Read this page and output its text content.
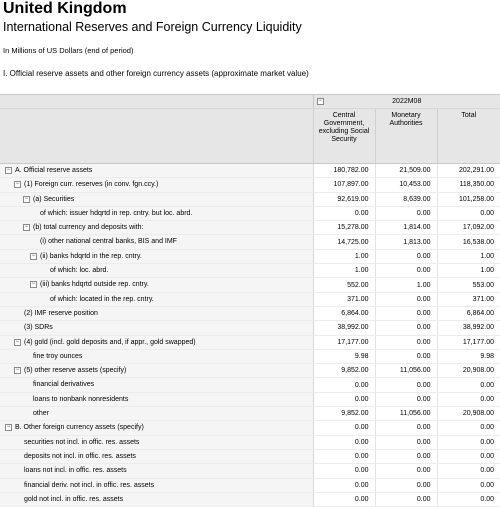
United Kingdom
International Reserves and Foreign Currency Liquidity
In Millions of US Dollars (end of period)
I. Official reserve assets and other foreign currency assets (approximate market value)

	− 2022M08		

	Central Government, excluding Social Security	Monetary Authorities	Total
− A. Official reserve assets	180,782.00	21,509.00	202,291.00
− (1) Foreign curr. reserves (in conv. fgn.ccy.)	107,897.00	10,453.00	118,350.00
− (a) Securities	92,619.00	8,639.00	101,258.00
of which: issuer hdqrtd in rep. cntry. but loc. abrd.	0.00	0.00	0.00
− (b) total currency and deposits with:	15,278.00	1,814.00	17,092.00
(i) other national central banks, BIS and IMF	14,725.00	1,813.00	16,538.00
− (ii) banks hdqrtd in the rep. cntry.	1.00	0.00	1.00
of which: loc. abrd.	1.00	0.00	1.00
− (iii) banks hdqrtd outside rep. cntry.	552.00	1.00	553.00
of which: located in the rep. cntry.	371.00	0.00	371.00
(2) IMF reserve position	6,864.00	0.00	6,864.00
(3) SDRs	38,992.00	0.00	38,992.00
− (4) gold (incl. gold deposits and, if appr., gold swapped)	17,177.00	0.00	17,177.00
fine troy ounces	9.98	0.00	9.98
− (5) other reserve assets (specify)	9,852.00	11,056.00	20,908.00
financial derivatives	0.00	0.00	0.00
loans to nonbank nonresidents	0.00	0.00	0.00
other	9,852.00	11,056.00	20,908.00
− B. Other foreign currency assets (specify)	0.00	0.00	0.00
securities not incl. in offic. res. assets	0.00	0.00	0.00
deposits not incl. in offic. res. assets	0.00	0.00	0.00
loans not incl. in offic. res. assets	0.00	0.00	0.00
financial deriv. not incl. in offic. res. assets	0.00	0.00	0.00
gold not incl. in offic. res. assets	0.00	0.00	0.00
